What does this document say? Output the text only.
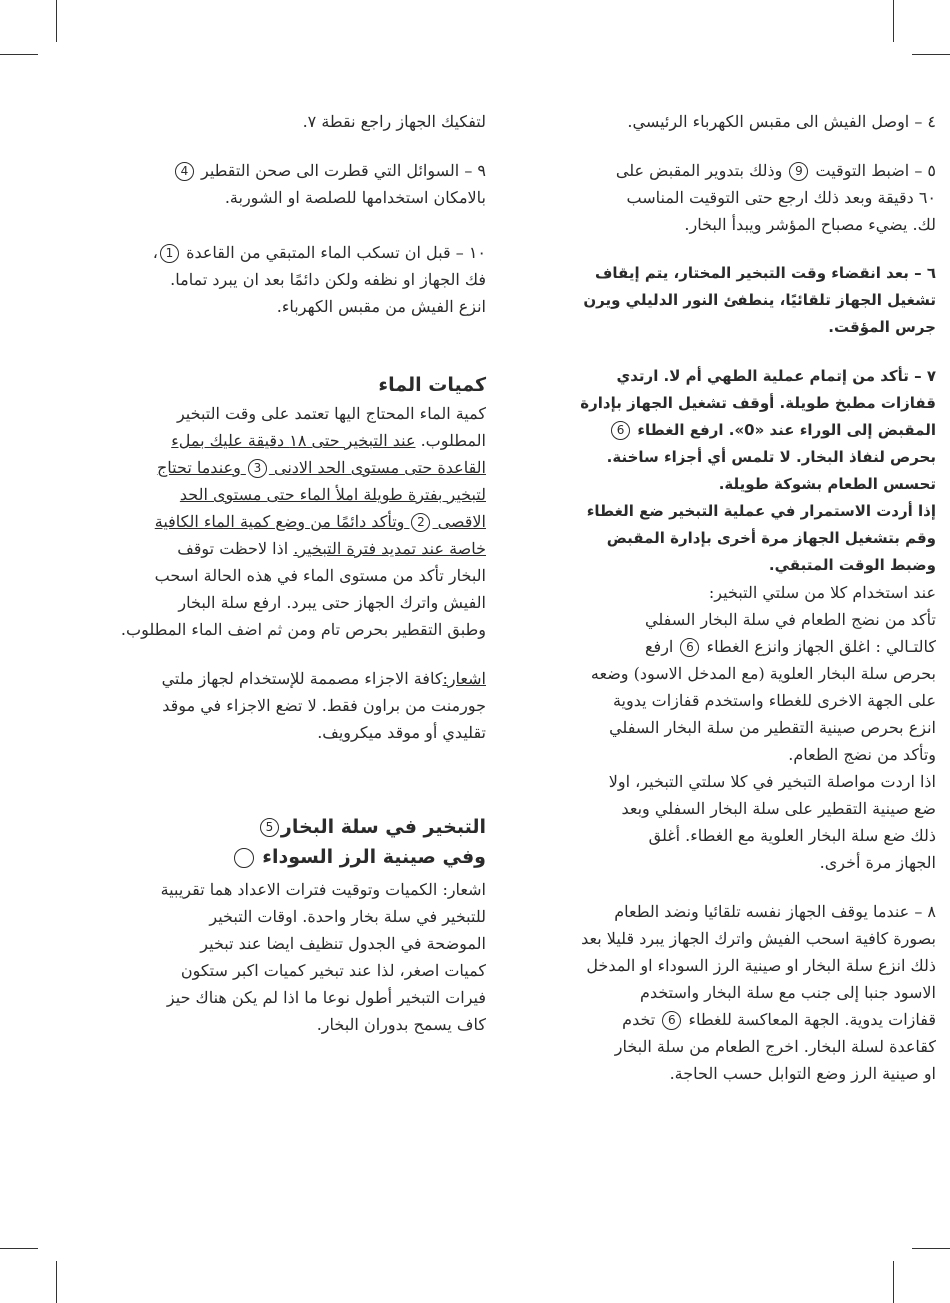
٤ – اوصل الفيش الى مقبس الكهرباء الرئيسي.
٥ – اضبط التوقيت 9 وذلك بتدوير المقبض على
٦٠ دقيقة وبعد ذلك ارجع حتى التوقيت المناسب
لك. يضيء مصباح المؤشر ويبدأ البخار.
٦ – بعد انقضاء وقت التبخير المختار، يتم إيقاف
تشغيل الجهاز تلقائيًا، ينطفئ النور الدليلي ويرن
جرس المؤقت.
٧ – تأكد من إتمام عملية الطهي أم لا. ارتدي
قفازات مطبخ طويلة. أوقف تشغيل الجهاز بإدارة
المقبض إلى الوراء عند «0». ارفع الغطاء 6
بحرص لنفاذ البخار. لا تلمس أي أجزاء ساخنة.
تحسس الطعام بشوكة طويلة.
إذا أردت الاستمرار في عملية التبخير ضع الغطاء
وقم بتشغيل الجهاز مرة أخرى بإدارة المقبض
وضبط الوقت المتبقي.
عند استخدام كلا من سلتي التبخير:
تأكد من نضج الطعام في سلة البخار السفلي
كالتـالي : اغلق الجهاز وانزع الغطاء 6 ارفع
بحرص سلة البخار العلوية (مع المدخل الاسود) وضعه
على الجهة الاخرى للغطاء واستخدم قفازات يدوية
انزع بحرص صينية التقطير من سلة البخار السفلي
وتأكد من نضج الطعام.
اذا اردت مواصلة التبخير في كلا سلتي التبخير، اولا
ضع صينية التقطير على سلة البخار السفلي وبعد
ذلك ضع سلة البخار العلوية مع الغطاء. أغلق
الجهاز مرة أخرى.
٨ – عندما يوقف الجهاز نفسه تلقائيا ونضد الطعام
بصورة كافية اسحب الفيش واترك الجهاز يبرد قليلا بعد
ذلك انزع سلة البخار او صينية الرز السوداء او المدخل
الاسود جنبا إلى جنب مع سلة البخار واستخدم
قفازات يدوية. الجهة المعاكسة للغطاء 6 تخدم
كقاعدة لسلة البخار. اخرج الطعام من سلة البخار
او صينية الرز وضع التوابل حسب الحاجة.
لتفكيك الجهاز راجع نقطة ٧.
٩ – السوائل التي قطرت الى صحن التقطير 4
بالامكان استخدامها للصلصة او الشوربة.
١٠ – قبل ان تسكب الماء المتبقي من القاعدة 1،
فك الجهاز او نظفه ولكن دائمًا بعد ان يبرد تماما.
انزع الفيش من مقبس الكهرباء.
كميات الماء
كمية الماء المحتاج اليها تعتمد على وقت التبخير
المطلوب. عند التبخير حتى ١٨ دقيقة عليك بملء
القاعدة حتى مستوى الحد الادنى 3 وعندما تحتاج
لتبخير بفترة طويلة املأ الماء حتى مستوى الحد
الاقصى 2 وتأكد دائمًا من وضع كمية الماء الكافية
خاصة عند تمديد فترة التبخير. اذا لاحظت توقف
البخار تأكد من مستوى الماء في هذه الحالة اسحب
الفيش واترك الجهاز حتى يبرد. ارفع سلة البخار
وطبق التقطير بحرص تام ومن ثم اضف الماء المطلوب.
اشعار:كافة الاجزاء مصممة للإستخدام لجهاز ملتي
جورمنت من براون فقط. لا تضع الاجزاء في موقد
تقليدي أو موقد ميكرويف.
التبخير في سلة البخار5
وفي صينية الرز السوداء
اشعار: الكميات وتوقيت فترات الاعداد هما تقريبية
للتبخير في سلة بخار واحدة. اوقات التبخير
الموضحة في الجدول تنظيف ايضا عند تبخير
كميات اصغر، لذا عند تبخير كميات اكبر ستكون
فيرات التبخير أطول نوعا ما اذا لم يكن هناك حيز
كاف يسمح بدوران البخار.
